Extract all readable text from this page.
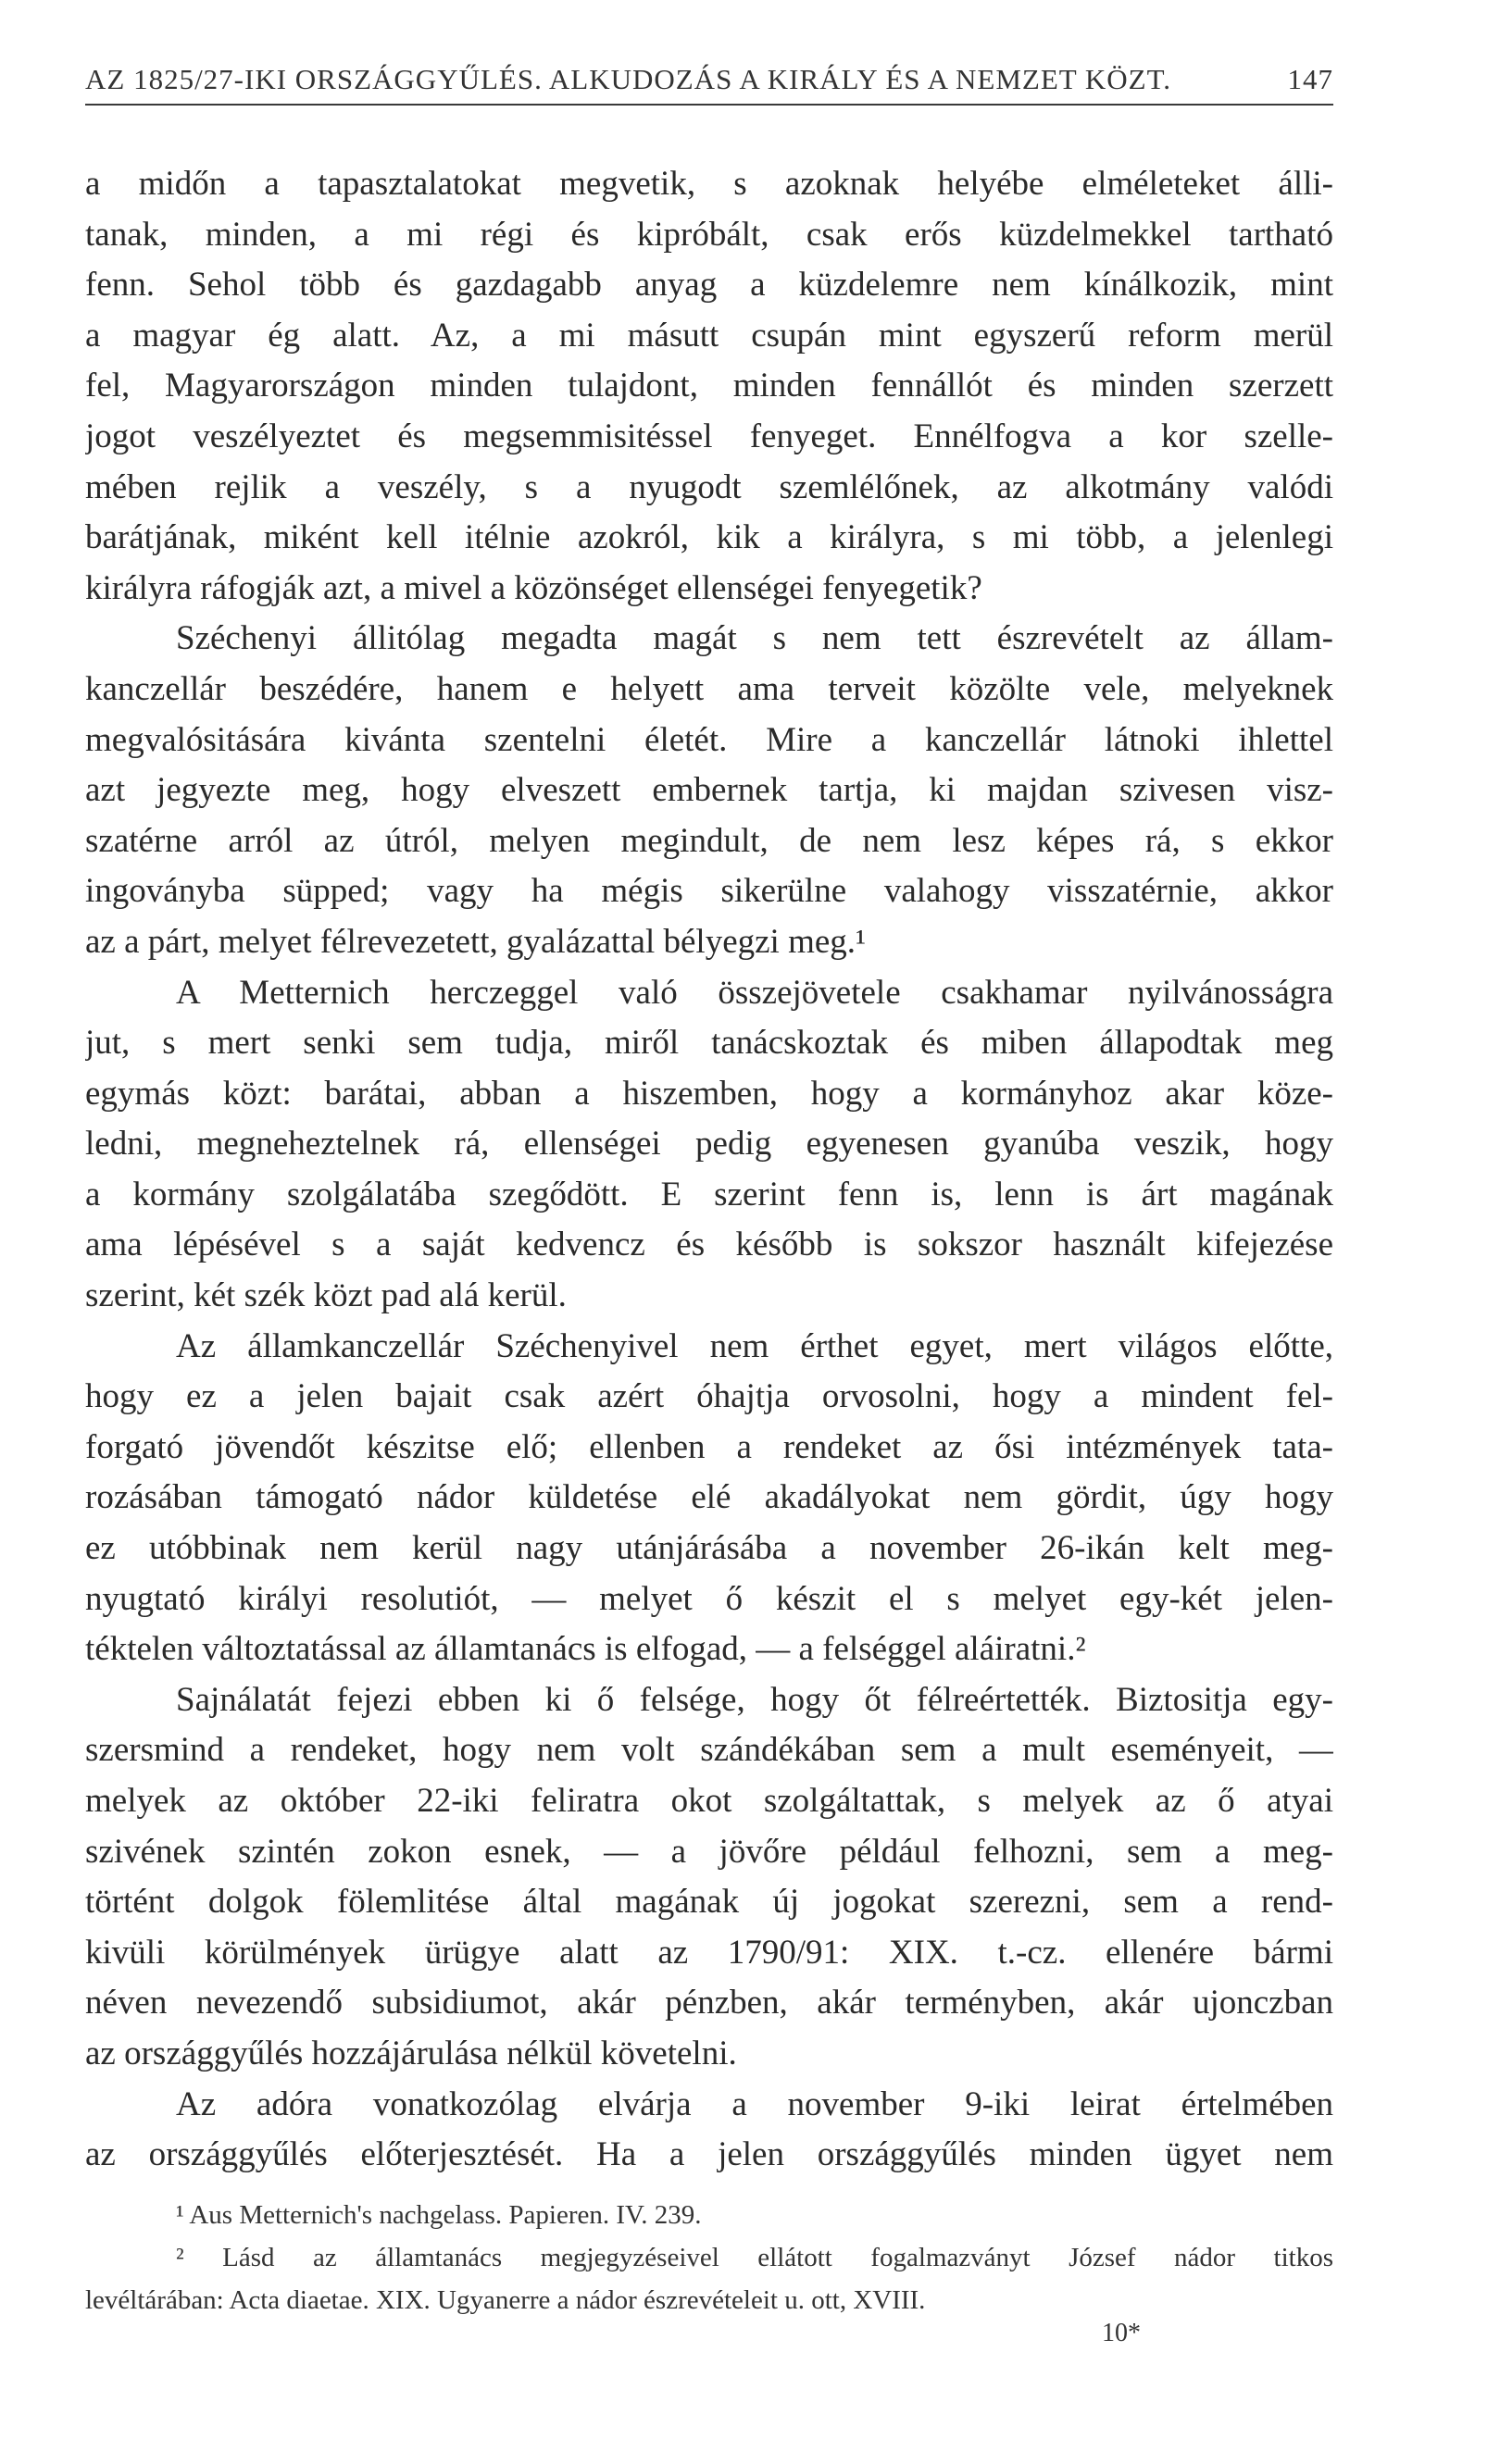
AZ 1825/27-IKI ORSZÁGGYŰLÉS. ALKUDOZÁS A KIRÁLY ÉS A NEMZET KÖZT.	147
a midőn a tapasztalatokat megvetik, s azoknak helyébe elméleteket álli-
tanak, minden, a mi régi és kipróbált, csak erős küzdelmekkel tartható
fenn. Sehol több és gazdagabb anyag a küzdelemre nem kínálkozik, mint
a magyar ég alatt. Az, a mi másutt csupán mint egyszerű reform merül
fel, Magyarországon minden tulajdont, minden fennállót és minden szerzett
jogot veszélyeztet és megsemmisitéssel fenyeget. Ennélfogva a kor szelle-
mében rejlik a veszély, s a nyugodt szemlélőnek, az alkotmány valódi
barátjának, miként kell itélnie azokról, kik a királyra, s mi több, a jelenlegi
királyra ráfogják azt, a mivel a közönséget ellenségei fenyegetik?
Széchenyi állitólag megadta magát s nem tett észrevételt az állam-
kanczellár beszédére, hanem e helyett ama terveit közölte vele, melyeknek
megvalósitására kivánta szentelni életét. Mire a kanczellár látnoki ihlettel
azt jegyezte meg, hogy elveszett embernek tartja, ki majdan szivesen visz-
szatérne arról az útról, melyen megindult, de nem lesz képes rá, s ekkor
ingoványba süpped; vagy ha mégis sikerülne valahogy visszatérnie, akkor
az a párt, melyet félrevezetett, gyalázattal bélyegzi meg.¹
A Metternich herczeggel való összejövetele csakhamar nyilvánosságra
jut, s mert senki sem tudja, miről tanácskoztak és miben állapodtak meg
egymás közt: barátai, abban a hiszemben, hogy a kormányhoz akar köze-
ledni, megneheztelnek rá, ellenségei pedig egyenesen gyanúba veszik, hogy
a kormány szolgálatába szegődött. E szerint fenn is, lenn is árt magának
ama lépésével s a saját kedvencz és később is sokszor használt kifejezése
szerint, két szék közt pad alá kerül.
Az államkanczellár Széchenyivel nem érthet egyet, mert világos előtte,
hogy ez a jelen bajait csak azért óhajtja orvosolni, hogy a mindent fel-
forgató jövendőt készitse elő; ellenben a rendeket az ősi intézmények tata-
rozásában támogató nádor küldetése elé akadályokat nem gördit, úgy hogy
ez utóbbinak nem kerül nagy utánjárásába a november 26-ikán kelt meg-
nyugtató királyi resolutiót, — melyet ő készit el s melyet egy-két jelen-
téktelen változtatással az államtanács is elfogad, — a felséggel aláiratni.²
Sajnálatát fejezi ebben ki ő felsége, hogy őt félreértették. Biztositja egy-
szersmind a rendeket, hogy nem volt szándékában sem a mult eseményeit, —
melyek az október 22-iki feliratra okot szolgáltattak, s melyek az ő atyai
szivének szintén zokon esnek, — a jövőre például felhozni, sem a meg-
történt dolgok fölemlitése által magának új jogokat szerezni, sem a rend-
kivüli körülmények ürügye alatt az 1790/91: XIX. t.-cz. ellenére bármi
néven nevezendő subsidiumot, akár pénzben, akár terményben, akár ujonczban
az országgyűlés hozzájárulása nélkül követelni.
Az adóra vonatkozólag elvárja a november 9-iki leirat értelmében
az országgyűlés előterjesztését. Ha a jelen országgyűlés minden ügyet nem
¹ Aus Metternich's nachgelass. Papieren. IV. 239.
² Lásd az államtanács megjegyzéseivel ellátott fogalmazványt József nádor titkos
levéltárában: Acta diaetae. XIX. Ugyanerre a nádor észrevételeit u. ott, XVIII.
10*
